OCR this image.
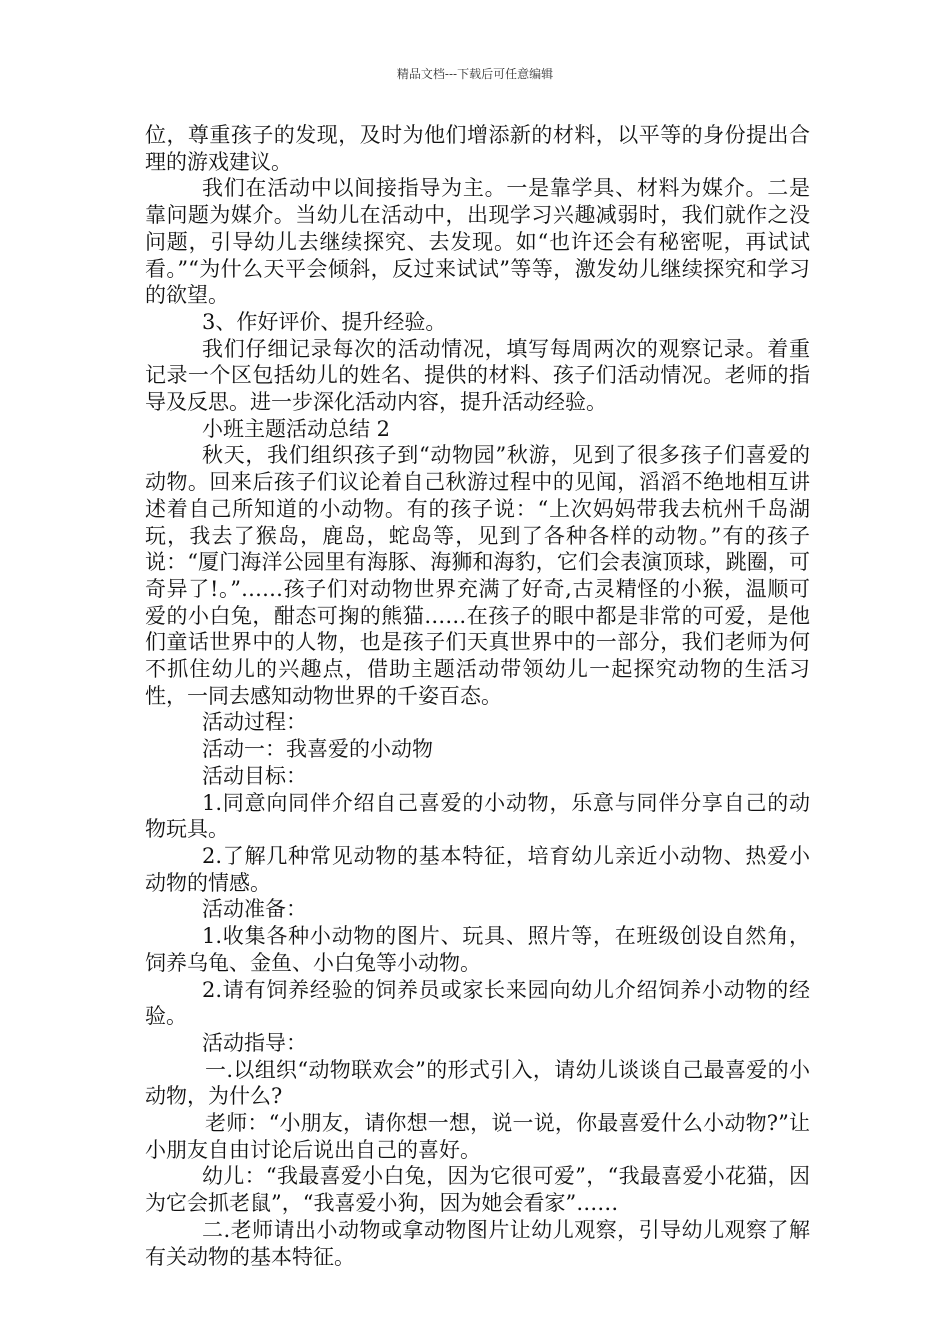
精品文档---下载后可任意编辑

位，尊重孩子的发现，及时为他们增添新的材料，以平等的身份提出合理的游戏建议。

我们在活动中以间接指导为主。一是靠学具、材料为媒介。二是靠问题为媒介。当幼儿在活动中，出现学习兴趣减弱时，我们就作之没问题，引导幼儿去继续探究、去发现。如“也许还会有秘密呢，再试试看。”“为什么天平会倾斜，反过来试试”等等，激发幼儿继续探究和学习的欲望。

3、作好评价、提升经验。

我们仔细记录每次的活动情况，填写每周两次的观察记录。着重记录一个区包括幼儿的姓名、提供的材料、孩子们活动情况。老师的指导及反思。进一步深化活动内容，提升活动经验。

小班主题活动总结 2

秋天，我们组织孩子到“动物园”秋游，见到了很多孩子们喜爱的动物。回来后孩子们议论着自己秋游过程中的见闻，滔滔不绝地相互讲述着自己所知道的小动物。有的孩子说：“上次妈妈带我去杭州千岛湖玩，我去了猴岛，鹿岛，蛇岛等，见到了各种各样的动物。”有的孩子说：“厦门海洋公园里有海豚、海狮和海豹，它们会表演顶球，跳圈，可奇异了!。”……孩子们对动物世界充满了好奇,古灵精怪的小猴，温顺可爱的小白兔，酣态可掬的熊猫……在孩子的眼中都是非常的可爱，是他们童话世界中的人物，也是孩子们天真世界中的一部分，我们老师为何不抓住幼儿的兴趣点，借助主题活动带领幼儿一起探究动物的生活习性，一同去感知动物世界的千姿百态。

活动过程：

活动一：我喜爱的小动物

活动目标：

1.同意向同伴介绍自己喜爱的小动物，乐意与同伴分享自己的动物玩具。

2.了解几种常见动物的基本特征，培育幼儿亲近小动物、热爱小动物的情感。

活动准备：

1.收集各种小动物的图片、玩具、照片等，在班级创设自然角，饲养乌龟、金鱼、小白兔等小动物。

2.请有饲养经验的饲养员或家长来园向幼儿介绍饲养小动物的经验。

活动指导：

一.以组织“动物联欢会”的形式引入，请幼儿谈谈自己最喜爱的小动物，为什么?

老师：“小朋友，请你想一想，说一说，你最喜爱什么小动物?”让小朋友自由讨论后说出自己的喜好。

幼儿：“我最喜爱小白兔，因为它很可爱”，“我最喜爱小花猫，因为它会抓老鼠”，“我喜爱小狗，因为她会看家”……

二.老师请出小动物或拿动物图片让幼儿观察，引导幼儿观察了解有关动物的基本特征。
